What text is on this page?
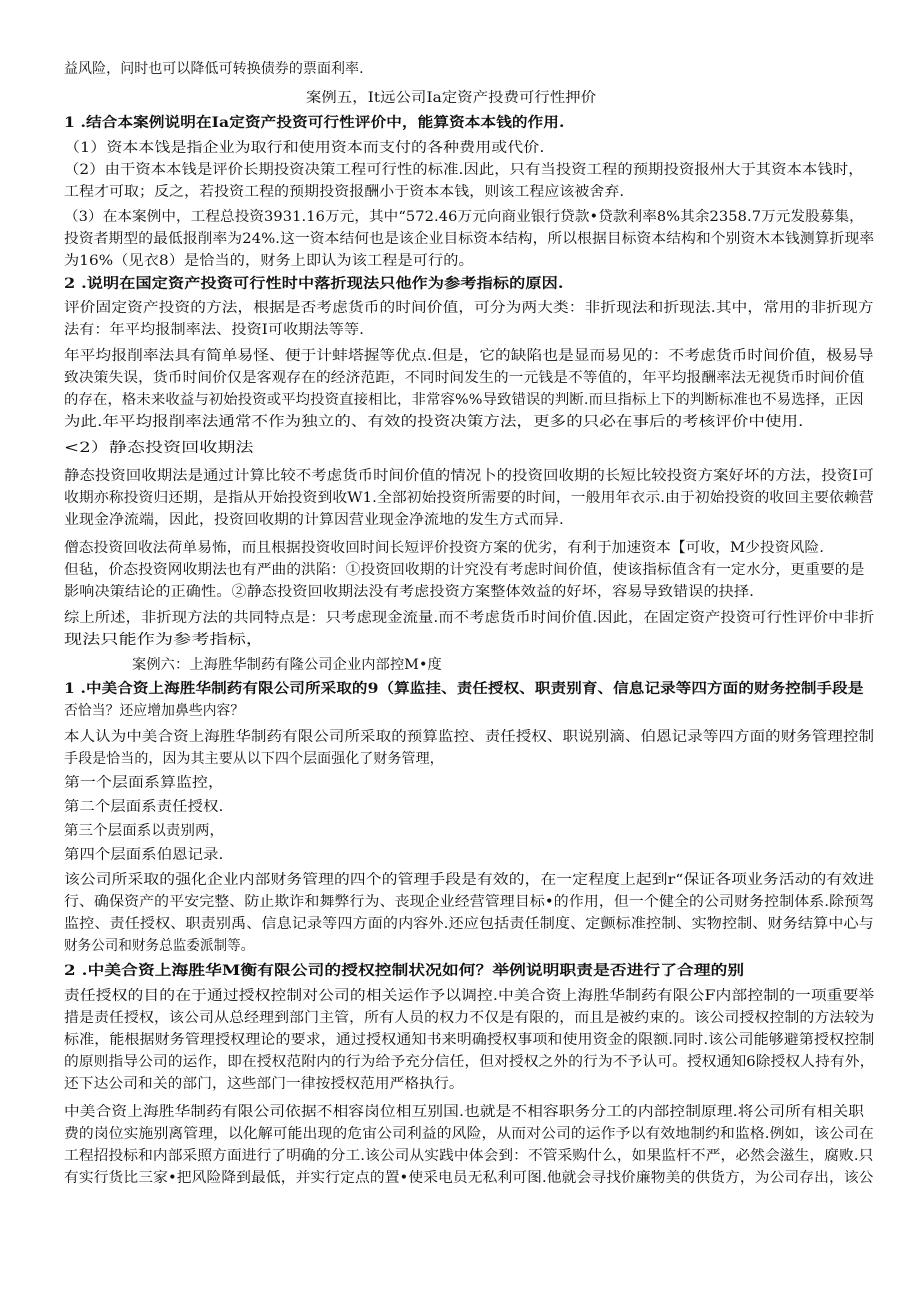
益风险，问时也可以降低可转换债券的票面利率.
案例五，It远公司Ia定资产投费可行性押价
1 .结合本案例说明在Ia定资产投资可行性评价中，能算资本本钱的作用.
（1）资本本饯是指企业为取行和使用资本而支付的各种费用或代价.
（2）由干资本本钱是评价长期投资决策工程可行性的标准.因此，只有当投资工程的预期投资报州大于其资本本钱时，
工程才可取；反之，若投资工程的预期投资报酬小于资本本钱，则该工程应该被舍弃.
（3）在本案例中，工程总投资3931.16万元，其中“572.46万元向商业银行贷款•贷款利率8%其余2358.7万元发股募集，
投资者期型的最低报削率为24%.这一资本结何也是该企业目标资本结构，所以根据目标资本结构和个别资木本钱测算折现率
为16%（见衣8）是恰当的，财务上即认为该工程是可行的。
2 .说明在国定资产投资可行性时中落折现法只他作为参考指标的原因.
评价固定资产投资的方法，根据是否考虑货币的时间价值，可分为两大类：非折现法和折现法.其中，常用的非折现方
法有：年平均报制率法、投资I可收期法等等.
年平均报削率法具有简单易怪、便于计蚌塔握等优点.但是，它的缺陷也是显而易见的：不考虑货币时间价值，极易导
致决策失误，货币时间价仅是客观存在的经济范距，不同时间发生的一元钱是不等值的，年平均报酬率法无视货币时间价值
的存在，格未来收益与初始投资或平均投资直接相比，非常容%%导致错误的判断.而旦指标上下的判断标准也不易选择，正因
为此.年平均报削率法通常不作为独立的、有效的投资决策方法，更多的只必在事后的考核评价中使用.
<2）静态投资回收期法
静态投资回收期法是通过计算比较不考虑货币时间价值的情况卜的投资回收期的长短比较投资方案好坏的方法，投资I可
收期亦称投资归还期，是指从开始投资到收W1.全部初始投资所需要的时间，一般用年衣示.由于初始投资的收回主要依赖营
业现金净流端，因此，投资回收期的计算因营业现金净流地的发生方式而异.
僧态投资回收法荷单易怖，而且根据投资收回时间长短评价投资方案的优劣，有利于加速资本【可收，M少投资风险.
但毡，价态投资网收期法也有严曲的洪陷：①投资回收期的计究没有考虑时间价值，使该指标值含有一定水分，更重要的是
影响决策结论的正确性。②静态投资回收期法没有考虑投资方案整体效益的好坏，容易导致错误的抉择.
综上所述，非折现方法的共同特点是：只考虑现金流量.而不考虑货币时间价值.因此，在固定资产投资可行性评价中非折
现法只能作为参考指标，
案例六：上海胜华制药有隆公司企业内部控M•度
1 .中美合资上海胜华制药有限公司所采取的9（算监挂、责任授权、职责别育、信息记录等四方面的财务控制手段是
否恰当？还应增加鼻些内容？
本人认为中美合资上海胜华制药有限公司所采取的预算监控、责任授权、职说别滴、伯恩记录等四方面的财务管理控制
手段是恰当的，因为其主要从以下四个层面强化了财务管理，
第一个层面系算监控，
第二个层面系责任授权.
第三个层面系以责别两，
第四个层面系伯恩记录.
该公司所采取的强化企业内部财务管理的四个的管理手段是有效的，在一定程度上起到r“保证各项业务活动的有效进
行、确保资产的平安完整、防止欺诈和舞弊行为、丧现企业经营管理目标•的作用，但一个健全的公司财务控制体系.除预驾
监控、责任授权、职责别禹、信息记录等四方面的内容外.还应包括责任制度、定颤标准控制、实物控制、财务结算中心与
财务公司和财务总监委派制等。
2 .中美合资上海胜华M衡有限公司的授权控制状况如何？举例说明职责是否进行了合理的别
责任授权的目的在于通过授权控制对公司的相关运作予以调控.中美合资上海胜华制药有限公F内部控制的一项重要举
措是责任授权，该公司从总经理到部门主管，所有人员的权力不仅是有限的，而且是被约束的。该公司授权控制的方法较为
标准，能根据财务管理授权理论的要求，通过授权通知书来明确授权事项和使用资金的限额.同时.该公司能够避第授权控制
的原则指导公司的运作，即在授权范附内的行为给予充分信任，但对授权之外的行为不予认可。授权通知6除授权人持有外，
还下达公司和关的部门，这些部门一律按授权范用严格执行。
中美合资上海胜华制药有限公司依据不相容岗位相互别国.也就是不相容职务分工的内部控制原理.将公司所有相关职
费的岗位实施别离管理，以化解可能出现的危宙公司利益的风险，从而对公司的运作予以有效地制约和监格.例如，该公司在
工程招投标和内部采照方面进行了明确的分工.该公司从实践中体会到：不管采购什么，如果监杆不严，必然会滋生，腐败.只
有实行货比三家•把风险降到最低，并实行定点的置•使采电员无私利可图.他就会寻找价廉物美的供货方，为公司存出，该公
